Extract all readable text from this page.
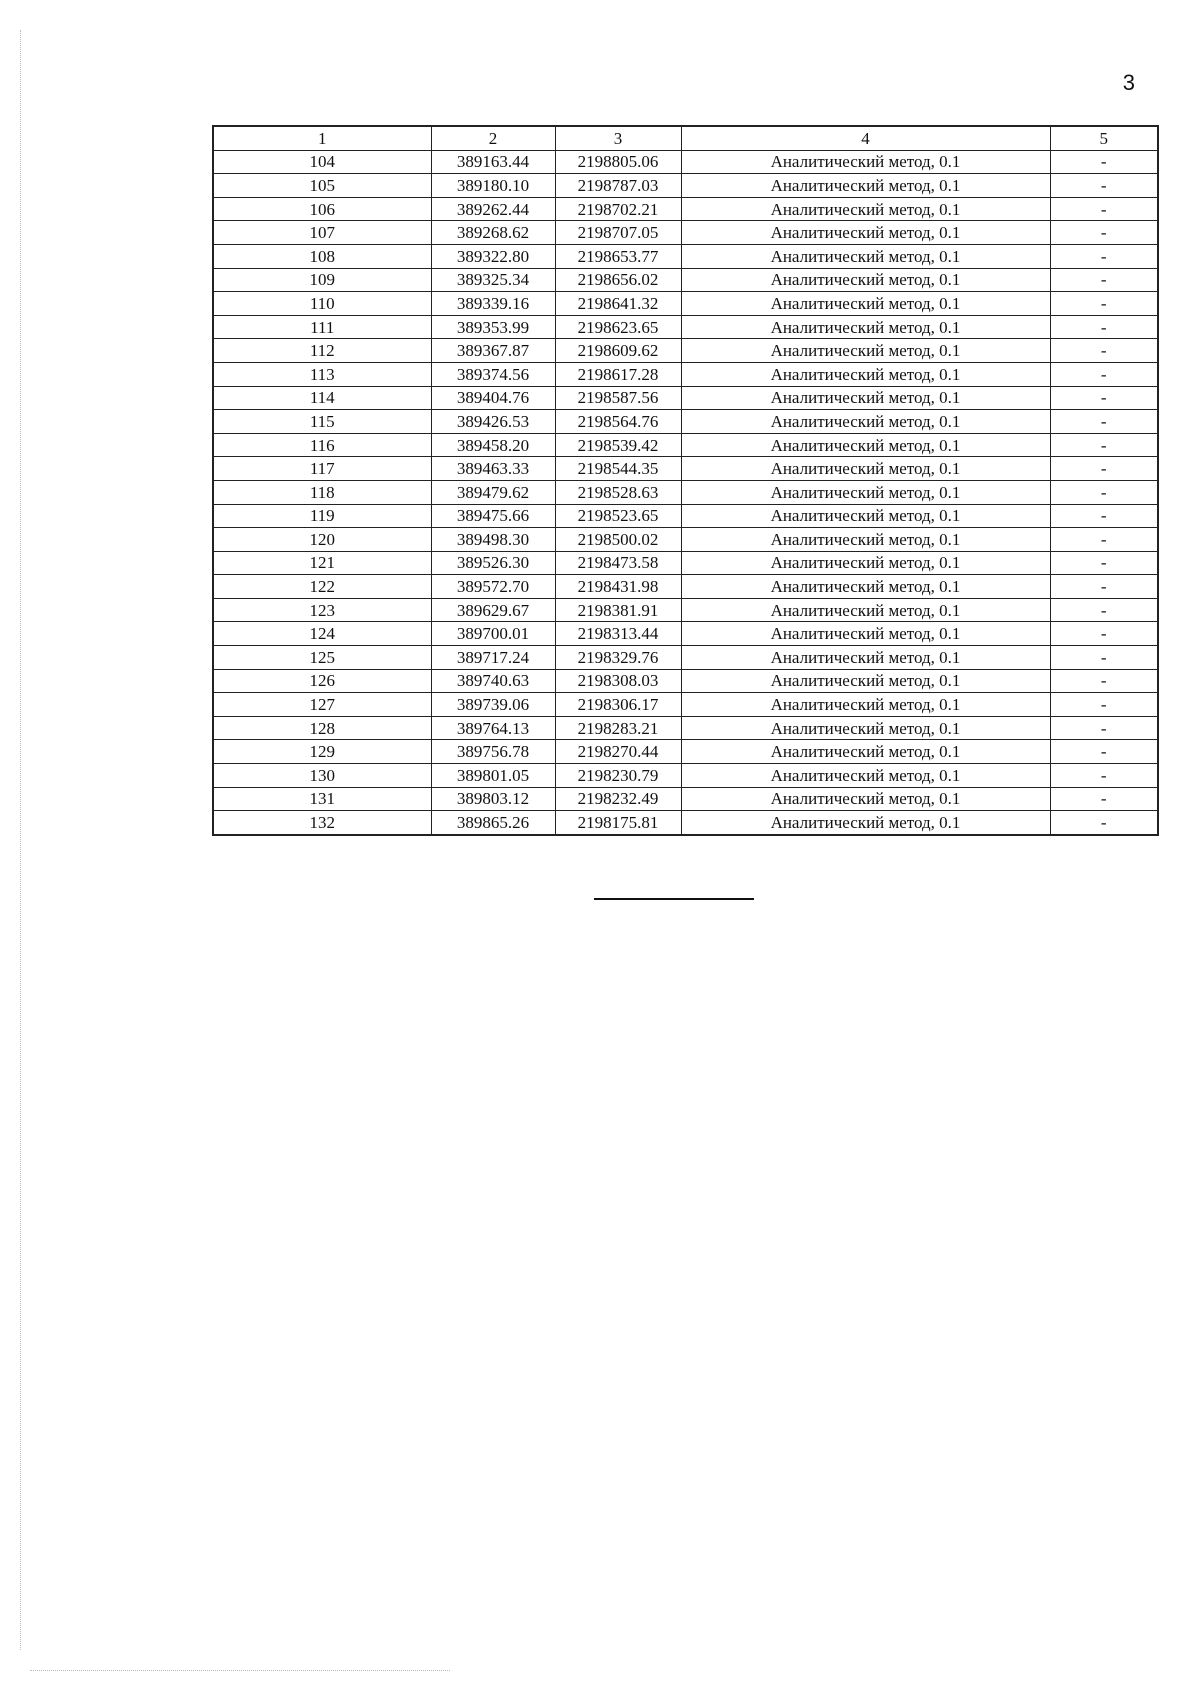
3
1	2	3	4	5
104	389163.44	2198805.06	Аналитический метод, 0.1	-
105	389180.10	2198787.03	Аналитический метод, 0.1	-
106	389262.44	2198702.21	Аналитический метод, 0.1	-
107	389268.62	2198707.05	Аналитический метод, 0.1	-
108	389322.80	2198653.77	Аналитический метод, 0.1	-
109	389325.34	2198656.02	Аналитический метод, 0.1	-
110	389339.16	2198641.32	Аналитический метод, 0.1	-
111	389353.99	2198623.65	Аналитический метод, 0.1	-
112	389367.87	2198609.62	Аналитический метод, 0.1	-
113	389374.56	2198617.28	Аналитический метод, 0.1	-
114	389404.76	2198587.56	Аналитический метод, 0.1	-
115	389426.53	2198564.76	Аналитический метод, 0.1	-
116	389458.20	2198539.42	Аналитический метод, 0.1	-
117	389463.33	2198544.35	Аналитический метод, 0.1	-
118	389479.62	2198528.63	Аналитический метод, 0.1	-
119	389475.66	2198523.65	Аналитический метод, 0.1	-
120	389498.30	2198500.02	Аналитический метод, 0.1	-
121	389526.30	2198473.58	Аналитический метод, 0.1	-
122	389572.70	2198431.98	Аналитический метод, 0.1	-
123	389629.67	2198381.91	Аналитический метод, 0.1	-
124	389700.01	2198313.44	Аналитический метод, 0.1	-
125	389717.24	2198329.76	Аналитический метод, 0.1	-
126	389740.63	2198308.03	Аналитический метод, 0.1	-
127	389739.06	2198306.17	Аналитический метод, 0.1	-
128	389764.13	2198283.21	Аналитический метод, 0.1	-
129	389756.78	2198270.44	Аналитический метод, 0.1	-
130	389801.05	2198230.79	Аналитический метод, 0.1	-
131	389803.12	2198232.49	Аналитический метод, 0.1	-
132	389865.26	2198175.81	Аналитический метод, 0.1	-
